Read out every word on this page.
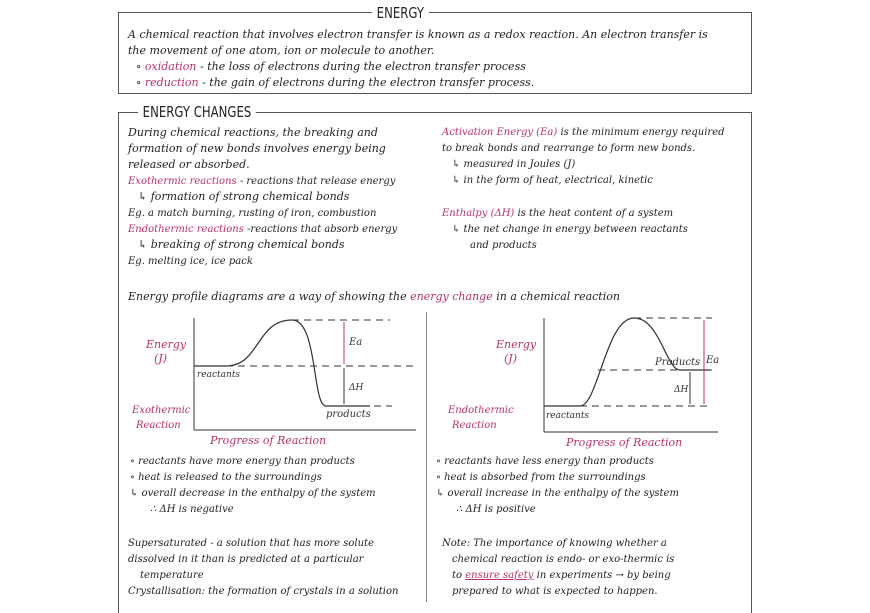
ENERGY
A chemical reaction that involves electron transfer is known as a redox reaction. An electron transfer is
the movement of one atom, ion or molecule to another.
∘ oxidation - the loss of electrons during the electron transfer process
∘ reduction - the gain of electrons during the electron transfer process.
ENERGY CHANGES
During chemical reactions, the breaking and
formation of new bonds involves energy being
released or absorbed.
Exothermic reactions - reactions that release energy
↳ formation of strong chemical bonds
Eg. a match burning, rusting of iron, combustion
Endothermic reactions -reactions that absorb energy
↳ breaking of strong chemical bonds
Eg. melting ice, ice pack
Activation Energy (Ea) is the minimum energy required
to break bonds and rearrange to form new bonds.
↳ measured in Joules (J)
↳ in the form of heat, electrical, kinetic
Enthalpy (ΔH) is the heat content of a system
↳ the net change in energy between reactants
and products
Energy profile diagrams are a way of showing the energy change in a chemical reaction
Energy
(J)
Exothermic
Reaction
Ea
ΔH
reactants
products
Progress of Reaction
Energy
(J)
Endothermic
Reaction
Ea
ΔH
reactants
Products
Progress of Reaction
∘ reactants have more energy than products
∘ heat is released to the surroundings
↳ overall decrease in the enthalpy of the system
∴ ΔH is negative
∘ reactants have less energy than products
∘ heat is absorbed from the surroundings
↳ overall increase in the enthalpy of the system
∴ ΔH is positive
Supersaturated - a solution that has more solute
dissolved in it than is predicted at a particular
temperature
Crystallisation: the formation of crystals in a solution
Note: The importance of knowing whether a
chemical reaction is endo- or exo-thermic is
to ensure safety in experiments → by being
prepared to what is expected to happen.
